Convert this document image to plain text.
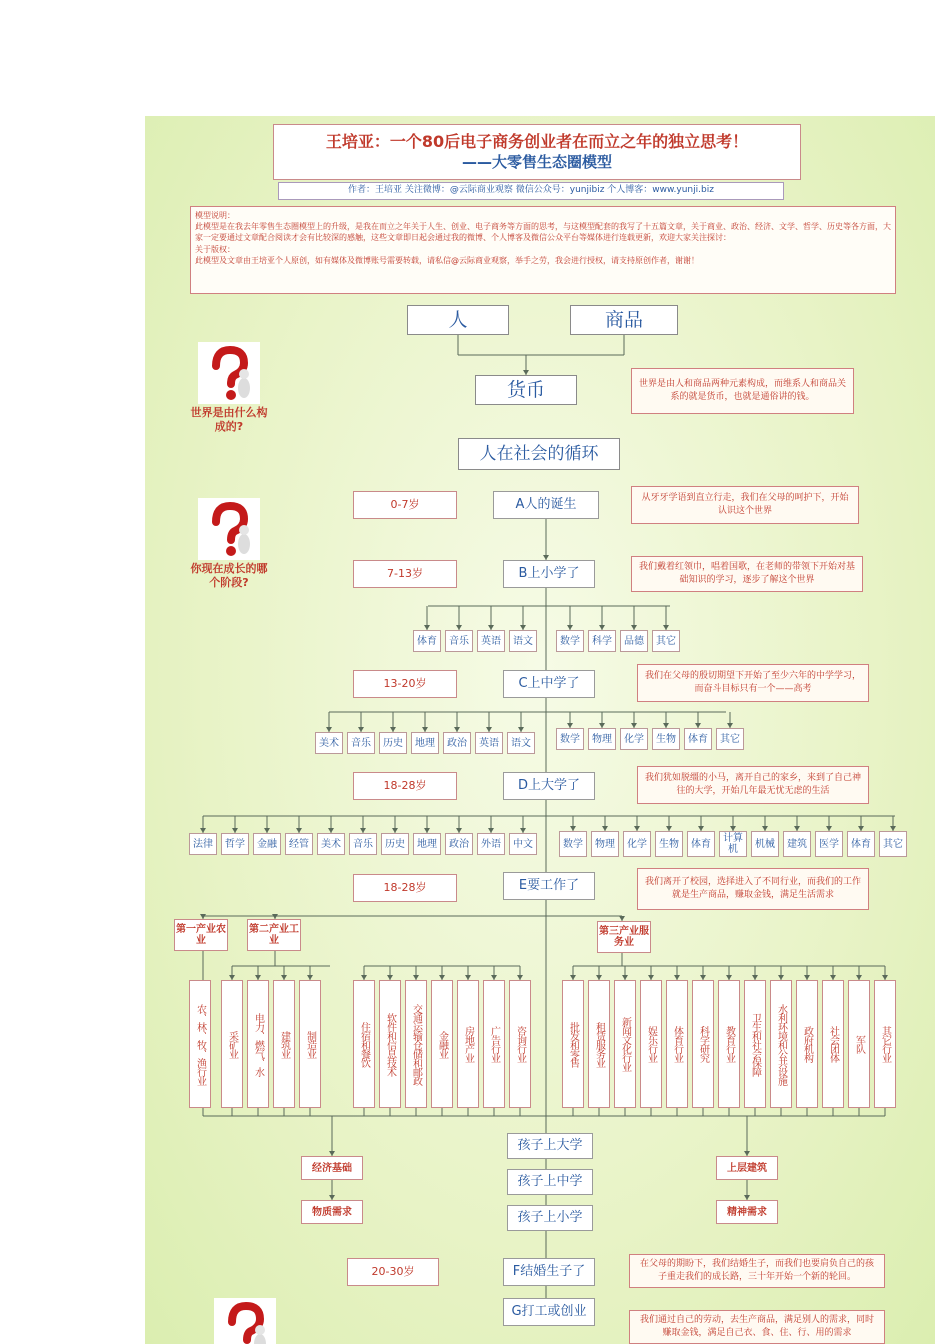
王培亚：一个80后电子商务创业者在而立之年的独立思考！
——大零售生态圈模型
作者：王培亚 关注微博：@云际商业观察 微信公众号：yunjibiz 个人博客：www.yunji.biz
模型说明：
此模型是在我去年零售生态圈模型上的升级，是我在而立之年关于人生、创业、电子商务等方面的思考，与这模型配套的我写了十五篇文章，关于商业、政治、经济、文学、哲学、历史等各方面，大家一定要通过文章配合阅读才会有比较深的感触，这些文章即日起会通过我的微博、个人博客及微信公众平台等媒体进行连载更新，欢迎大家关注探讨：
关于版权：
此模型及文章由王培亚个人原创，如有媒体及微博账号需要转载，请私信@云际商业观察，举手之劳，我会进行授权，请支持原创作者，谢谢！
人	商品
货币	世界是由人和商品两种元素构成，而维系人和商品关系的就是货币，也就是通俗讲的钱。
世界是由什么构成的?
你现在成长的哪个阶段?
人在社会的循环
0-7岁	A人的诞生	从牙牙学语到直立行走，我们在父母的呵护下，开始认识这个世界
7-13岁	B上小学了	我们戴着红领巾，唱着国歌，在老师的带领下开始对基础知识的学习，逐步了解这个世界
13-20岁	C上中学了	我们在父母的殷切期望下开始了至少六年的中学学习，而奋斗目标只有一个——高考
18-28岁	D上大学了	我们犹如脱缰的小马，离开自己的家乡，来到了自己神往的大学，开始几年最无忧无虑的生活
18-28岁	E要工作了	我们离开了校园，选择进入了不同行业，而我们的工作就是生产商品，赚取金钱，满足生活需求
20-30岁	F结婚生子了	在父母的期盼下，我们结婚生子，而我们也要肩负自己的孩子重走我们的成长路，三十年开始一个新的轮回。
G打工或创业
我们通过自己的劳动，去生产商品，满足别人的需求，同时赚取金钱，满足自己衣、食、住、行、用的需求
第一产业农业
第二产业工业
第三产业服务业
孩子上大学
孩子上中学
孩子上小学
经济基础
物质需求
上层建筑
精神需求
体育	音乐	英语	语文	数学	科学	品德	其它
美术	音乐	历史	地理	政治	英语	语文	数学	物理	化学	生物	体育	其它
法律	哲学	金融	经管	美术	音乐	历史	地理	政治	外语	中文	数学	物理	化学	生物	体育	计算机	机械	建筑	医学	体育	其它
农、林、牧、渔行业	采矿业	电力、燃气、水	建筑业	制造业	住宿和餐饮	软件和信息技术	交通运输仓储和邮政	金融业	房地产业	广告行业	咨询行业	批发和零售	租赁服务业	新闻文化行业	娱乐行业	体育行业	科学研究	教育行业	卫生和社会保障	水利环境和公共设施	政府机构	社会团体	军队	其它行业
